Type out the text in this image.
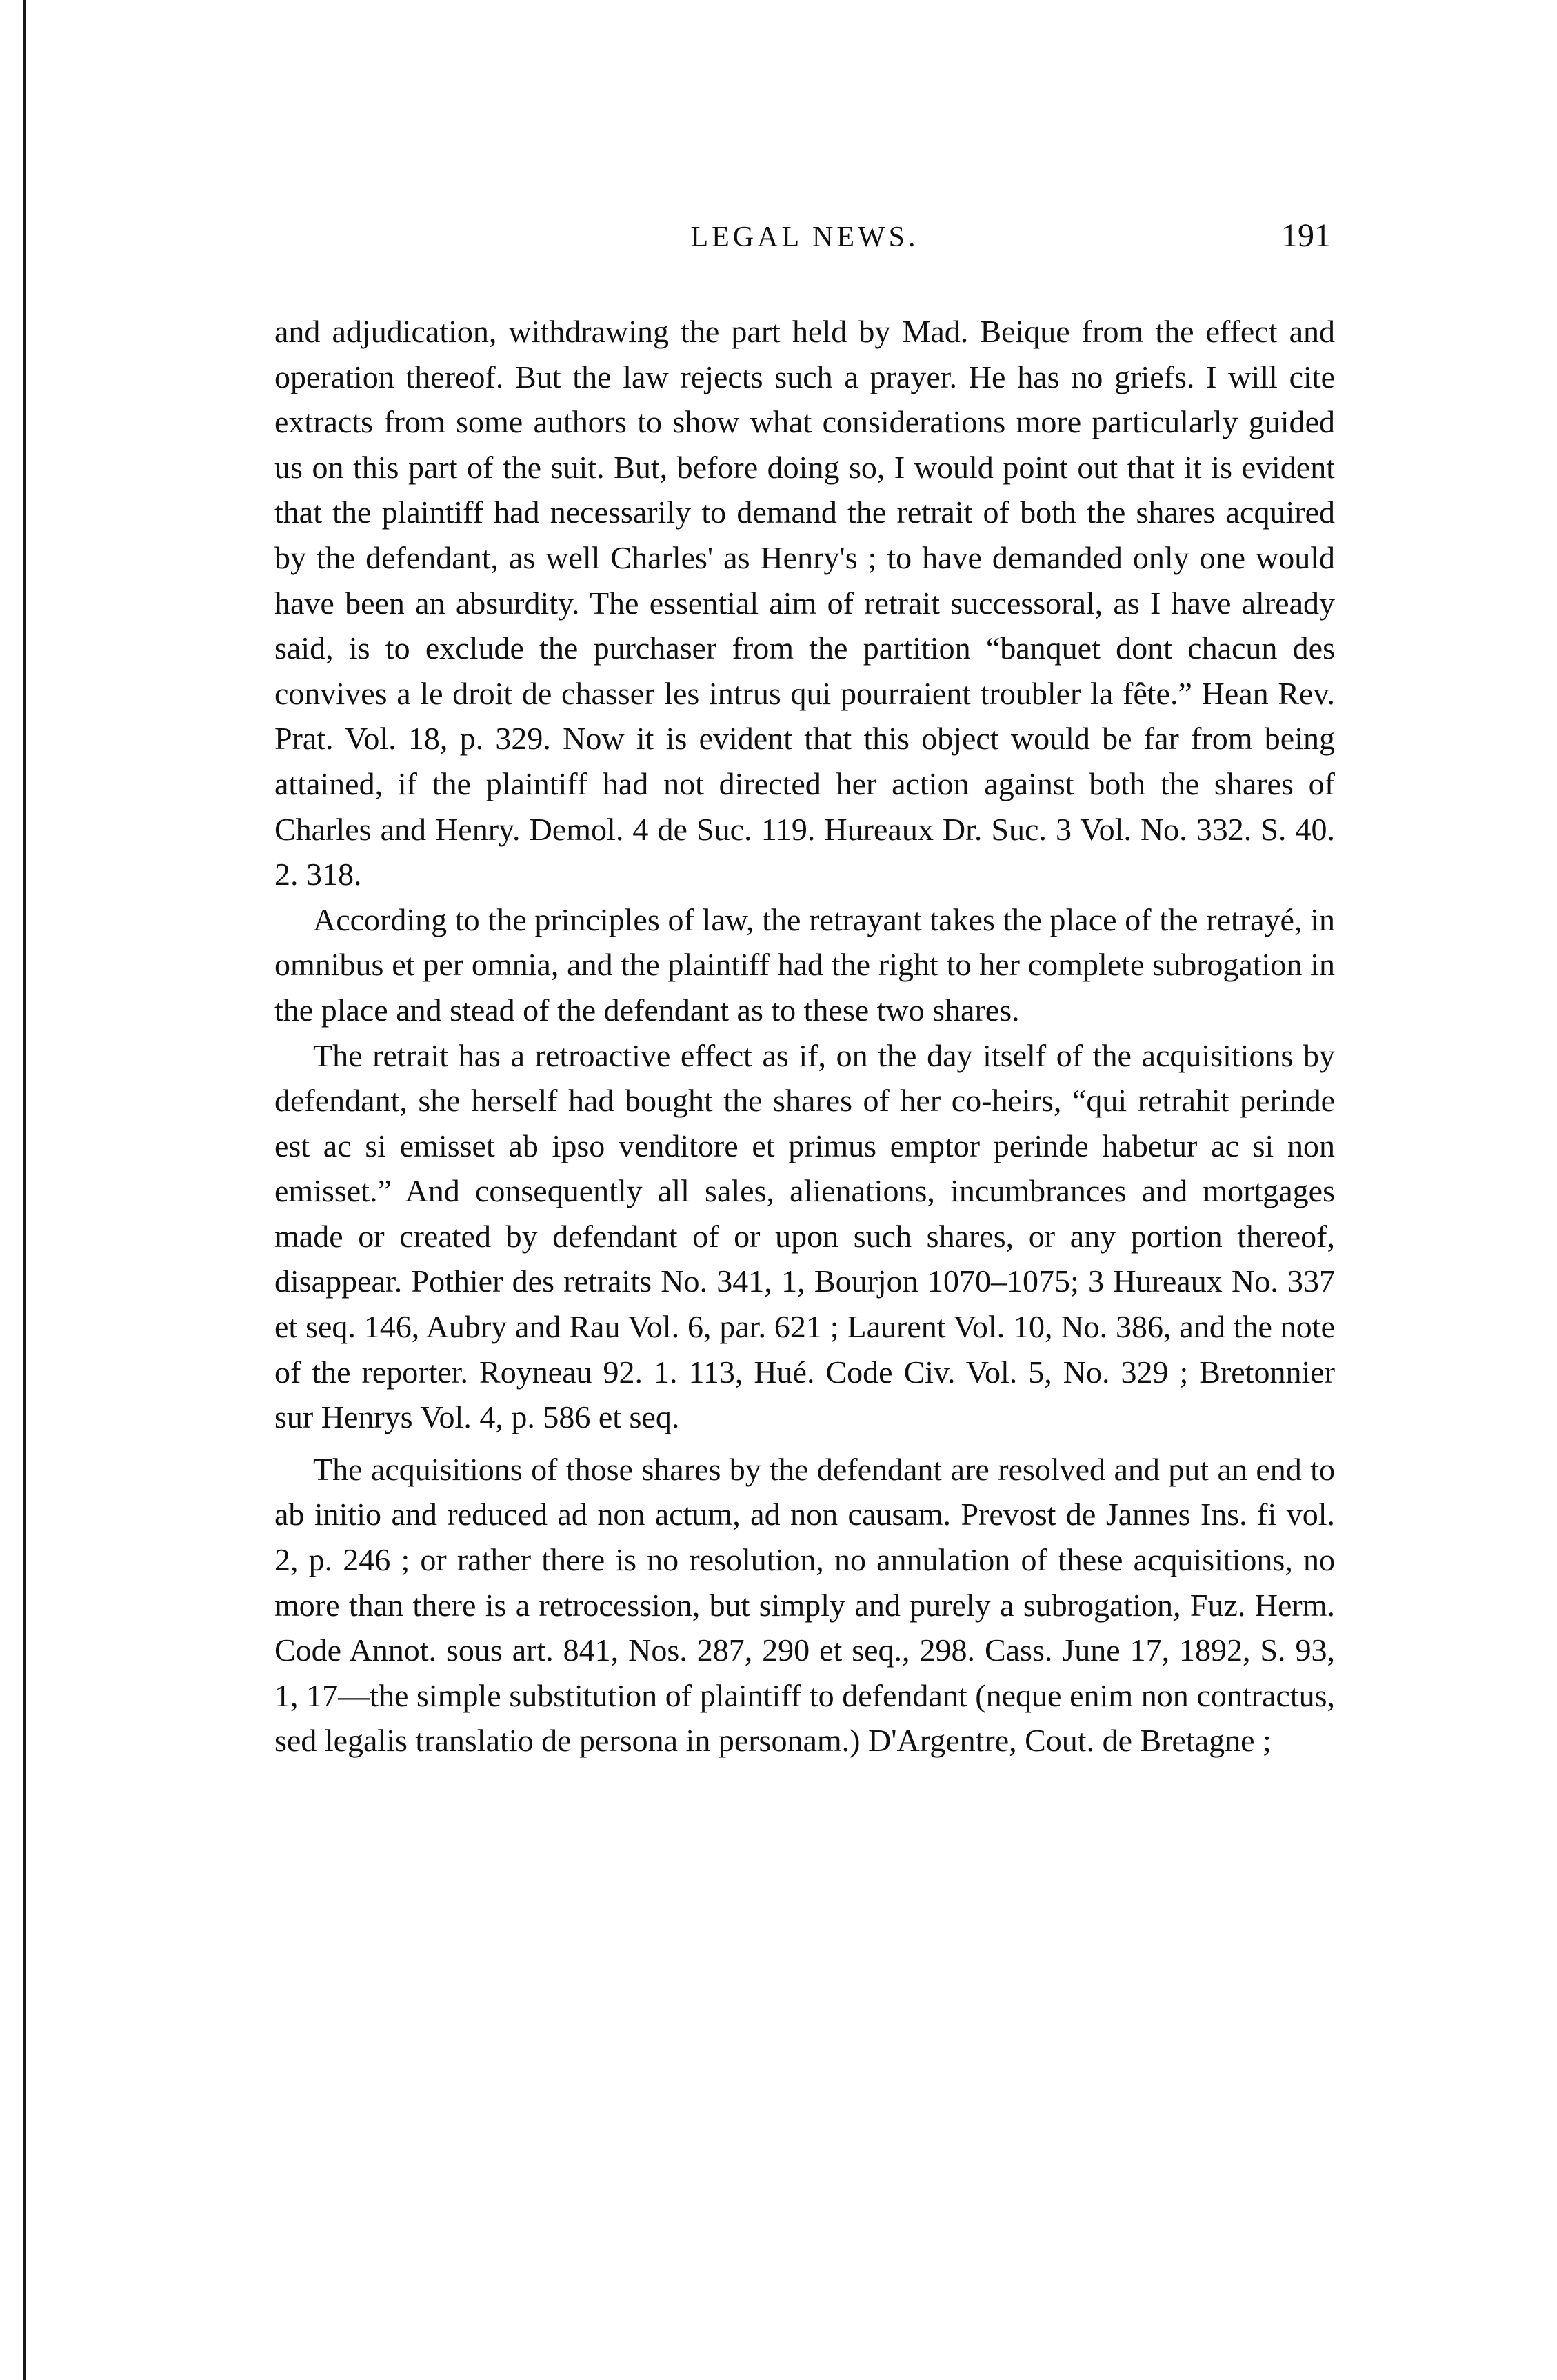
LEGAL NEWS.	191

and adjudication, withdrawing the part held by Mad. Beique from the effect and operation thereof. But the law rejects such a prayer. He has no griefs. I will cite extracts from some authors to show what considerations more particularly guided us on this part of the suit. But, before doing so, I would point out that it is evident that the plaintiff had necessarily to demand the retrait of both the shares acquired by the defendant, as well Charles' as Henry's ; to have demanded only one would have been an absurdity. The essential aim of retrait successoral, as I have already said, is to exclude the purchaser from the partition “banquet dont chacun des convives a le droit de chasser les intrus qui pourraient troubler la fête.” Hean Rev. Prat. Vol. 18, p. 329. Now it is evident that this object would be far from being attained, if the plaintiff had not directed her action against both the shares of Charles and Henry. Demol. 4 de Suc. 119. Hureaux Dr. Suc. 3 Vol. No. 332. S. 40. 2. 318.

According to the principles of law, the retrayant takes the place of the retrayé, in omnibus et per omnia, and the plaintiff had the right to her complete subrogation in the place and stead of the defendant as to these two shares.

The retrait has a retroactive effect as if, on the day itself of the acquisitions by defendant, she herself had bought the shares of her co-heirs, “qui retrahit perinde est ac si emisset ab ipso venditore et primus emptor perinde habetur ac si non emisset.” And consequently all sales, alienations, incumbrances and mortgages made or created by defendant of or upon such shares, or any portion thereof, disappear. Pothier des retraits No. 341, 1, Bourjon 1070–1075; 3 Hureaux No. 337 et seq. 146, Aubry and Rau Vol. 6, par. 621 ; Laurent Vol. 10, No. 386, and the note of the reporter. Royneau 92. 1. 113, Hué. Code Civ. Vol. 5, No. 329 ; Bretonnier sur Henrys Vol. 4, p. 586 et seq.

The acquisitions of those shares by the defendant are resolved and put an end to ab initio and reduced ad non actum, ad non causam. Prevost de Jannes Ins. fi vol. 2, p. 246 ; or rather there is no resolution, no annulation of these acquisitions, no more than there is a retrocession, but simply and purely a subrogation, Fuz. Herm. Code Annot. sous art. 841, Nos. 287, 290 et seq., 298. Cass. June 17, 1892, S. 93, 1, 17—the simple substitution of plaintiff to defendant (neque enim non contractus, sed legalis translatio de persona in personam.) D'Argentre, Cout. de Bretagne ;
